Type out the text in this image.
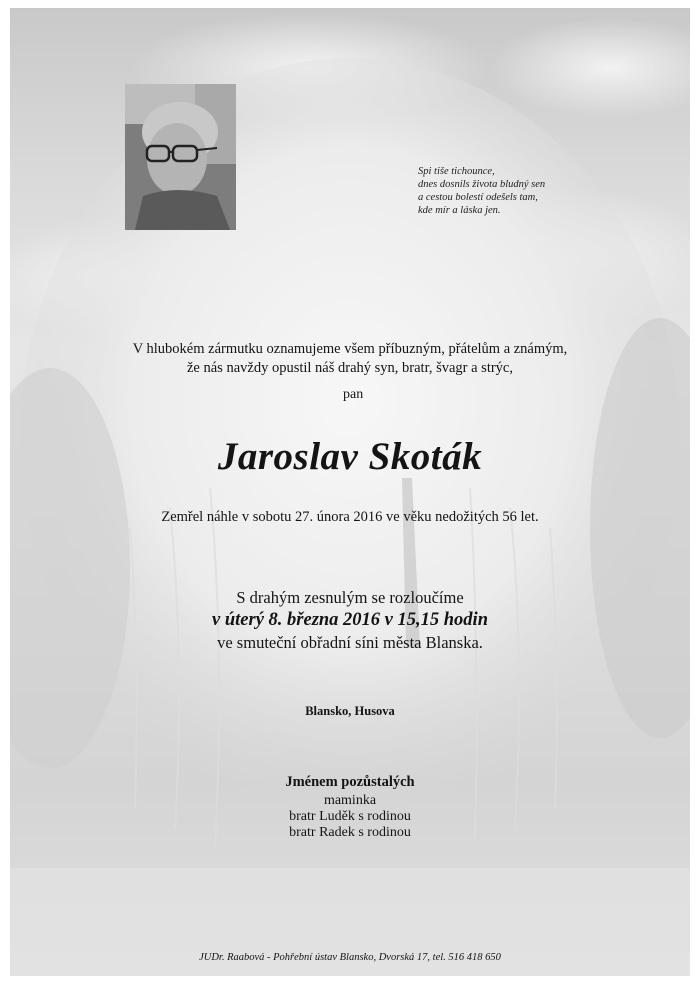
Spi tiše tichounce,
dnes dosnils života bludný sen
a cestou bolestí odešels tam,
kde mír a láska jen.
V hlubokém zármutku oznamujeme všem příbuzným, přátelům a známým,
že nás navždy opustil náš drahý syn, bratr, švagr a strýc,
pan
Jaroslav Skoták
Zemřel náhle v sobotu 27. února 2016 ve věku nedožitých 56 let.
S drahým zesnulým se rozloučíme
v úterý 8. března 2016 v 15,15 hodin
ve smuteční obřadní síni města Blanska.
Blansko, Husova
Jménem pozůstalých
maminka
bratr Luděk s rodinou
bratr Radek s rodinou
JUDr. Raabová - Pohřební ústav Blansko, Dvorská 17, tel. 516 418 650
